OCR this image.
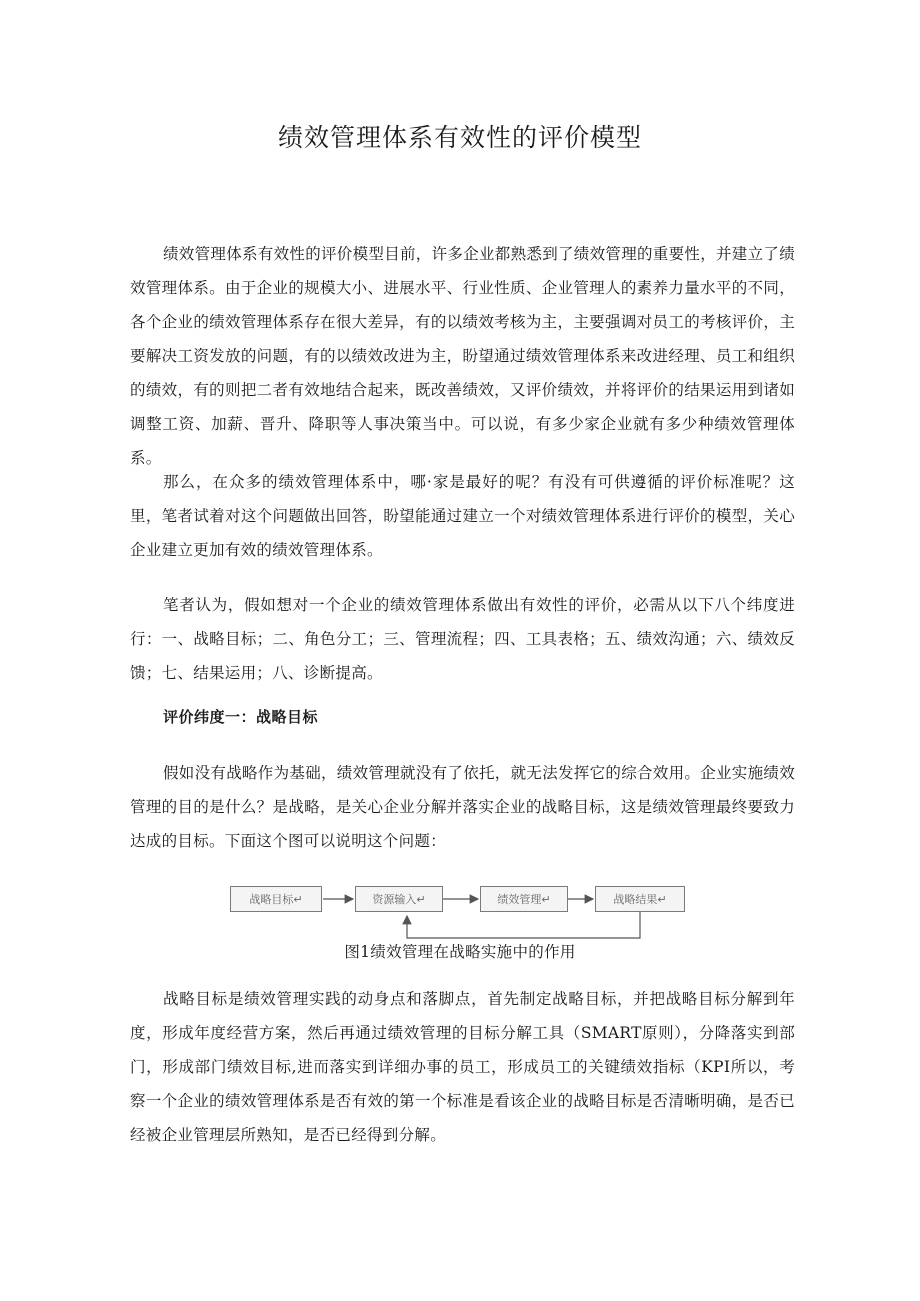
绩效管理体系有效性的评价模型
绩效管理体系有效性的评价模型目前，许多企业都熟悉到了绩效管理的重要性，并建立了绩效管理体系。由于企业的规模大小、进展水平、行业性质、企业管理人的素养力量水平的不同，各个企业的绩效管理体系存在很大差异，有的以绩效考核为主，主要强调对员工的考核评价，主要解决工资发放的问题，有的以绩效改进为主，盼望通过绩效管理体系来改进经理、员工和组织的绩效，有的则把二者有效地结合起来，既改善绩效，又评价绩效，并将评价的结果运用到诸如调整工资、加薪、晋升、降职等人事决策当中。可以说，有多少家企业就有多少种绩效管理体系。
那么，在众多的绩效管理体系中，哪·家是最好的呢？有没有可供遵循的评价标准呢？这里，笔者试着对这个问题做出回答，盼望能通过建立一个对绩效管理体系进行评价的模型，关心企业建立更加有效的绩效管理体系。
笔者认为，假如想对一个企业的绩效管理体系做出有效性的评价，必需从以下八个纬度进行：一、战略目标；二、角色分工；三、管理流程；四、工具表格；五、绩效沟通；六、绩效反馈；七、结果运用；八、诊断提高。
评价纬度一：战略目标
假如没有战略作为基础，绩效管理就没有了依托，就无法发挥它的综合效用。企业实施绩效管理的目的是什么？是战略，是关心企业分解并落实企业的战略目标，这是绩效管理最终要致力达成的目标。下面这个图可以说明这个问题：
战略目标↵	资源输入↵	绩效管理↵	战略结果↵
图1绩效管理在战略实施中的作用
战略目标是绩效管理实践的动身点和落脚点，首先制定战略目标，并把战略目标分解到年度，形成年度经营方案，然后再通过绩效管理的目标分解工具（SMART原则），分降落实到部门，形成部门绩效目标,进而落实到详细办事的员工，形成员工的关键绩效指标（KPI所以，考察一个企业的绩效管理体系是否有效的第一个标准是看该企业的战略目标是否清晰明确，是否已经被企业管理层所熟知，是否已经得到分解。
